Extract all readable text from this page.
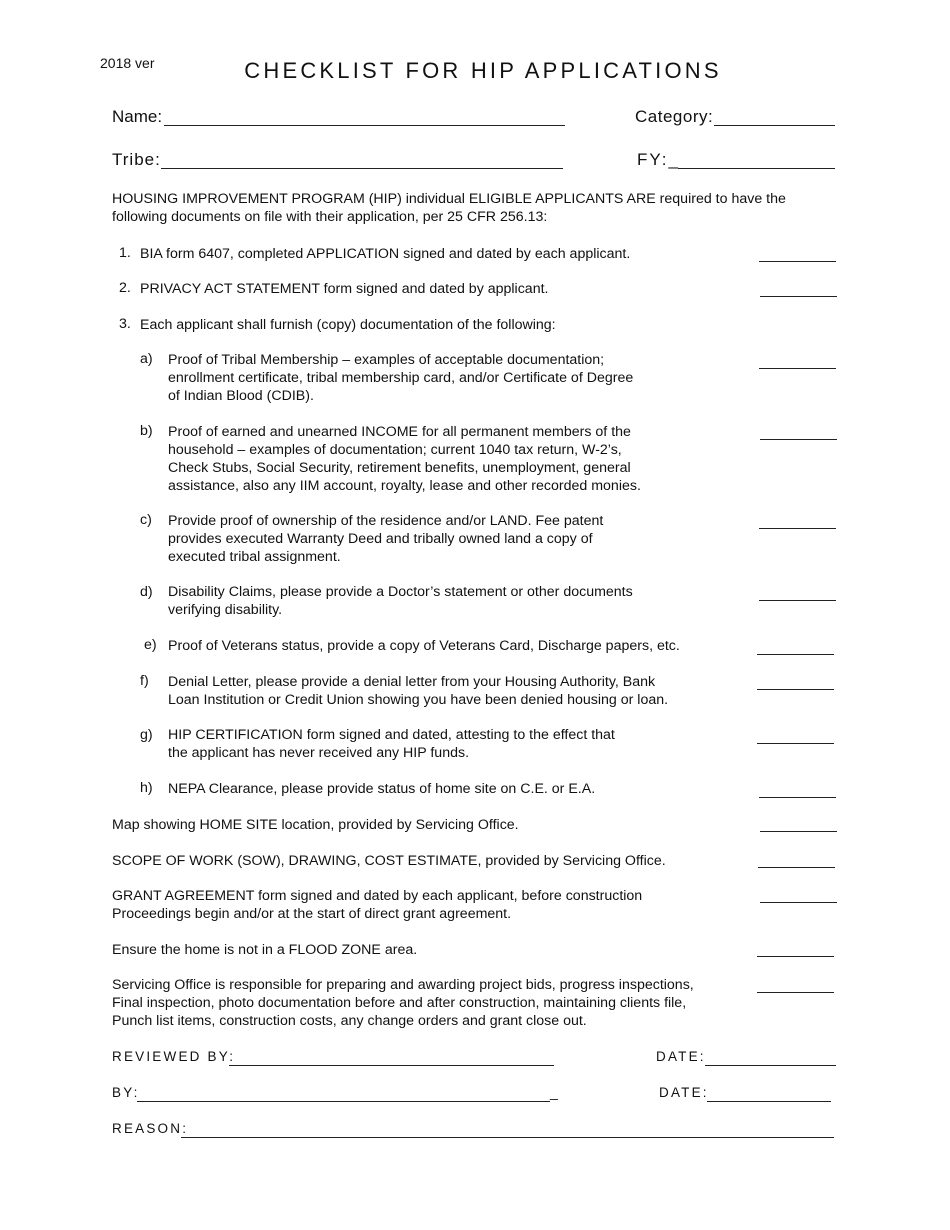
2018 ver	CHECKLIST FOR HIP APPLICATIONS
Name:	Category:
Tribe:	FY:_
HOUSING IMPROVEMENT PROGRAM (HIP) individual ELIGIBLE APPLICANTS ARE required to have the following documents on file with their application, per 25 CFR 256.13:
1. BIA form 6407, completed APPLICATION signed and dated by each applicant.
2. PRIVACY ACT STATEMENT form signed and dated by applicant.
3. Each applicant shall furnish (copy) documentation of the following:
a) Proof of Tribal Membership – examples of acceptable documentation;
enrollment certificate, tribal membership card, and/or Certificate of Degree
of Indian Blood (CDIB).
b) Proof of earned and unearned INCOME for all permanent members of the
household – examples of documentation; current 1040 tax return, W-2’s,
Check Stubs, Social Security, retirement benefits, unemployment, general
assistance, also any IIM account, royalty, lease and other recorded monies.
c) Provide proof of ownership of the residence and/or LAND. Fee patent
provides executed Warranty Deed and tribally owned land a copy of
executed tribal assignment.
d) Disability Claims, please provide a Doctor’s statement or other documents
verifying disability.
e) Proof of Veterans status, provide a copy of Veterans Card, Discharge papers, etc.
f) Denial Letter, please provide a denial letter from your Housing Authority, Bank
Loan Institution or Credit Union showing you have been denied housing or loan.
g) HIP CERTIFICATION form signed and dated, attesting to the effect that
the applicant has never received any HIP funds.
h) NEPA Clearance, please provide status of home site on C.E. or E.A.
Map showing HOME SITE location, provided by Servicing Office.
SCOPE OF WORK (SOW), DRAWING, COST ESTIMATE, provided by Servicing Office.
GRANT AGREEMENT form signed and dated by each applicant, before construction
Proceedings begin and/or at the start of direct grant agreement.
Ensure the home is not in a FLOOD ZONE area.
Servicing Office is responsible for preparing and awarding project bids, progress inspections,
Final inspection, photo documentation before and after construction, maintaining clients file,
Punch list items, construction costs, any change orders and grant close out.
REVIEWED BY:	DATE:
BY:	_	DATE:
REASON:
